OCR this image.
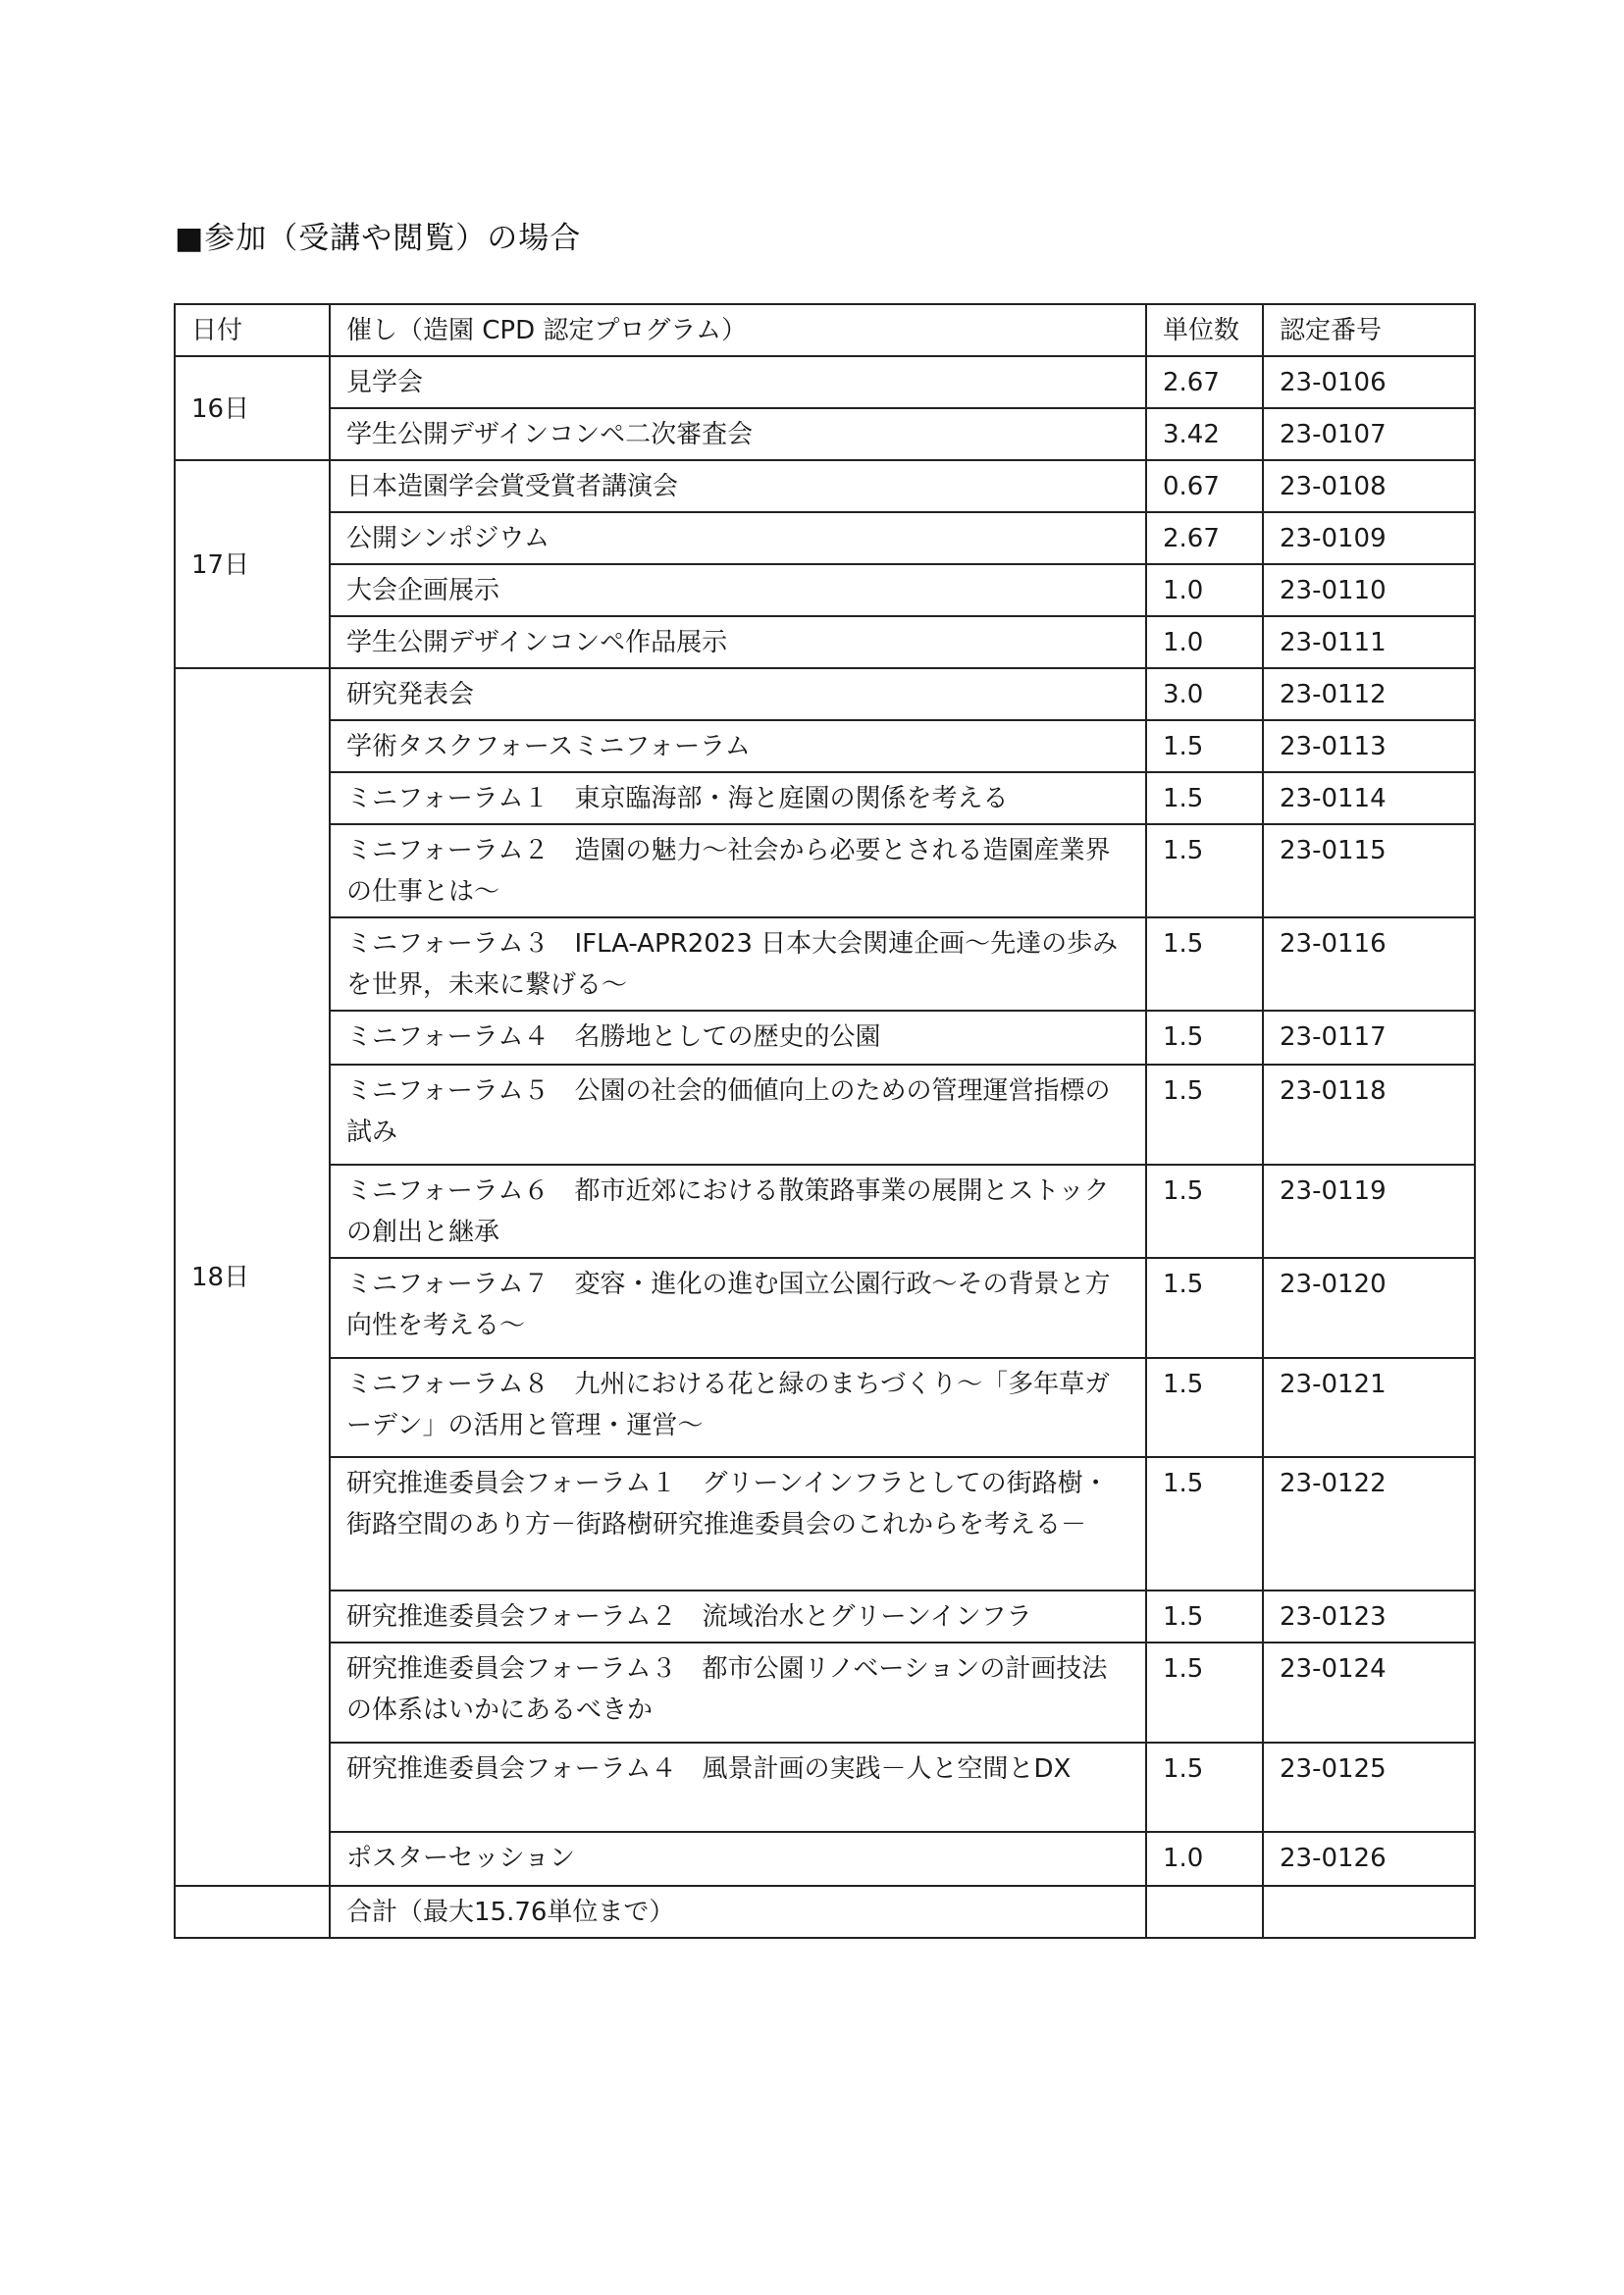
■参加（受講や閲覧）の場合
日付	催し（造園 CPD 認定プログラム）	単位数	認定番号
16日	見学会	2.67	23-0106
	学生公開デザインコンペ二次審査会	3.42	23-0107
17日	日本造園学会賞受賞者講演会	0.67	23-0108
	公開シンポジウム	2.67	23-0109
	大会企画展示	1.0	23-0110
	学生公開デザインコンペ作品展示	1.0	23-0111
18日	研究発表会	3.0	23-0112
	学術タスクフォースミニフォーラム	1.5	23-0113
	ミニフォーラム１　東京臨海部・海と庭園の関係を考える	1.5	23-0114
	ミニフォーラム２　造園の魅力～社会から必要とされる造園産業界の仕事とは～	1.5	23-0115
	ミニフォーラム３　IFLA-APR2023 日本大会関連企画～先達の歩みを世界，未来に繋げる～	1.5	23-0116
	ミニフォーラム４　名勝地としての歴史的公園	1.5	23-0117
	ミニフォーラム５　公園の社会的価値向上のための管理運営指標の試み	1.5	23-0118
	ミニフォーラム６　都市近郊における散策路事業の展開とストックの創出と継承	1.5	23-0119
	ミニフォーラム７　変容・進化の進む国立公園行政～その背景と方向性を考える～	1.5	23-0120
	ミニフォーラム８　九州における花と緑のまちづくり～「多年草ガーデン」の活用と管理・運営～	1.5	23-0121
	研究推進委員会フォーラム１　グリーンインフラとしての街路樹・街路空間のあり方－街路樹研究推進委員会のこれからを考える－	1.5	23-0122
	研究推進委員会フォーラム２　流域治水とグリーンインフラ	1.5	23-0123
	研究推進委員会フォーラム３　都市公園リノベーションの計画技法の体系はいかにあるべきか	1.5	23-0124
	研究推進委員会フォーラム４　風景計画の実践－人と空間とDX	1.5	23-0125
	ポスターセッション	1.0	23-0126
	合計（最大15.76単位まで）		
